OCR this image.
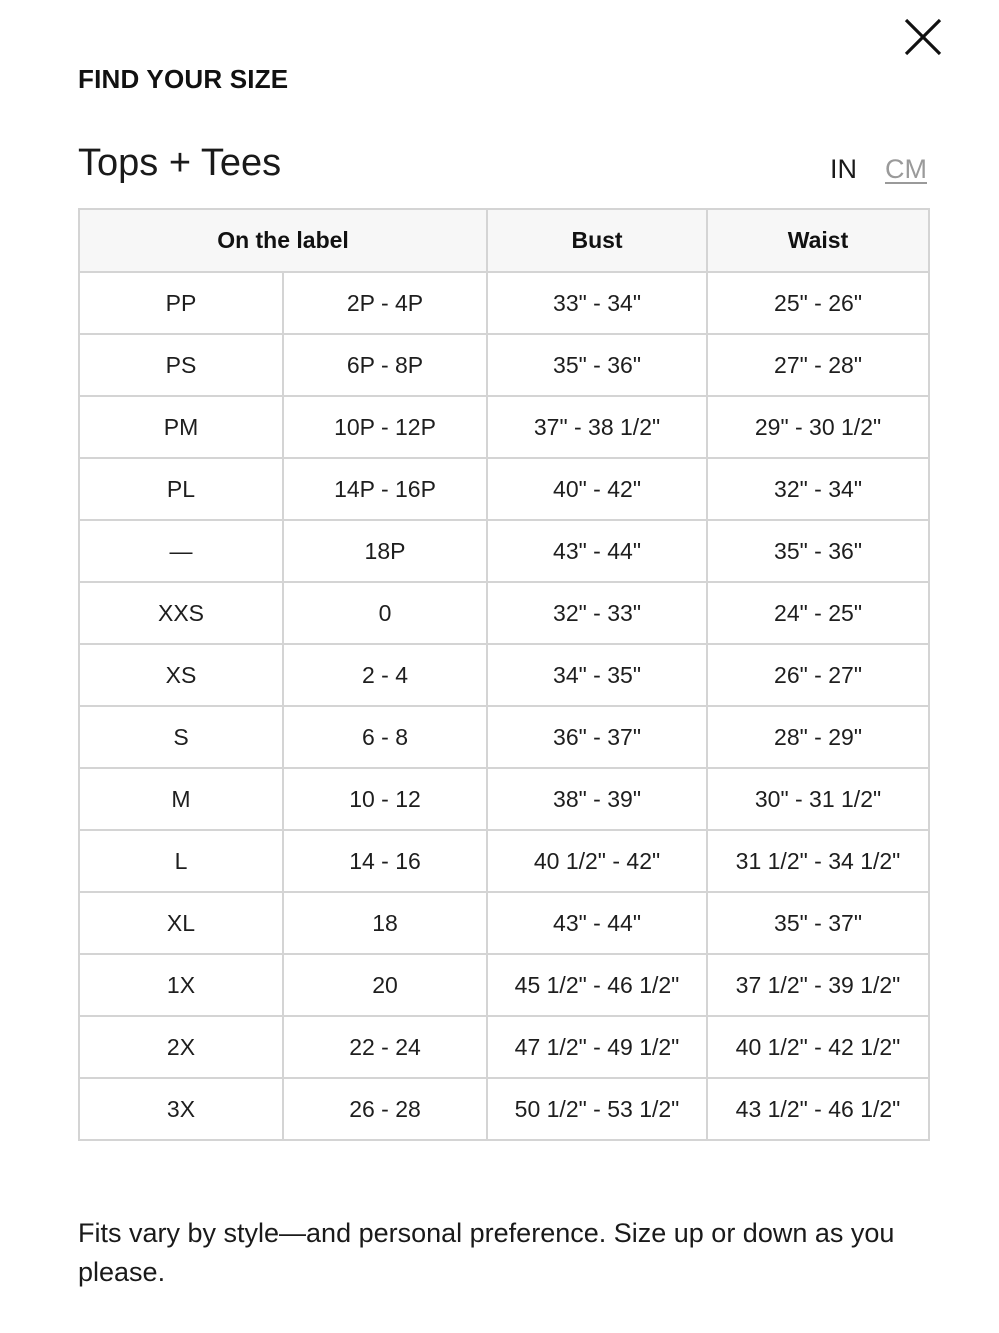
FIND YOUR SIZE
Tops + Tees	IN CM
On the label		Bust	Waist
PP	2P - 4P	33" - 34"	25" - 26"
PS	6P - 8P	35" - 36"	27" - 28"
PM	10P - 12P	37" - 38 1/2"	29" - 30 1/2"
PL	14P - 16P	40" - 42"	32" - 34"
—	18P	43" - 44"	35" - 36"
XXS	0	32" - 33"	24" - 25"
XS	2 - 4	34" - 35"	26" - 27"
S	6 - 8	36" - 37"	28" - 29"
M	10 - 12	38" - 39"	30" - 31 1/2"
L	14 - 16	40 1/2" - 42"	31 1/2" - 34 1/2"
XL	18	43" - 44"	35" - 37"
1X	20	45 1/2" - 46 1/2"	37 1/2" - 39 1/2"
2X	22 - 24	47 1/2" - 49 1/2"	40 1/2" - 42 1/2"
3X	26 - 28	50 1/2" - 53 1/2"	43 1/2" - 46 1/2"
Fits vary by style—and personal preference. Size up or down as you please.
